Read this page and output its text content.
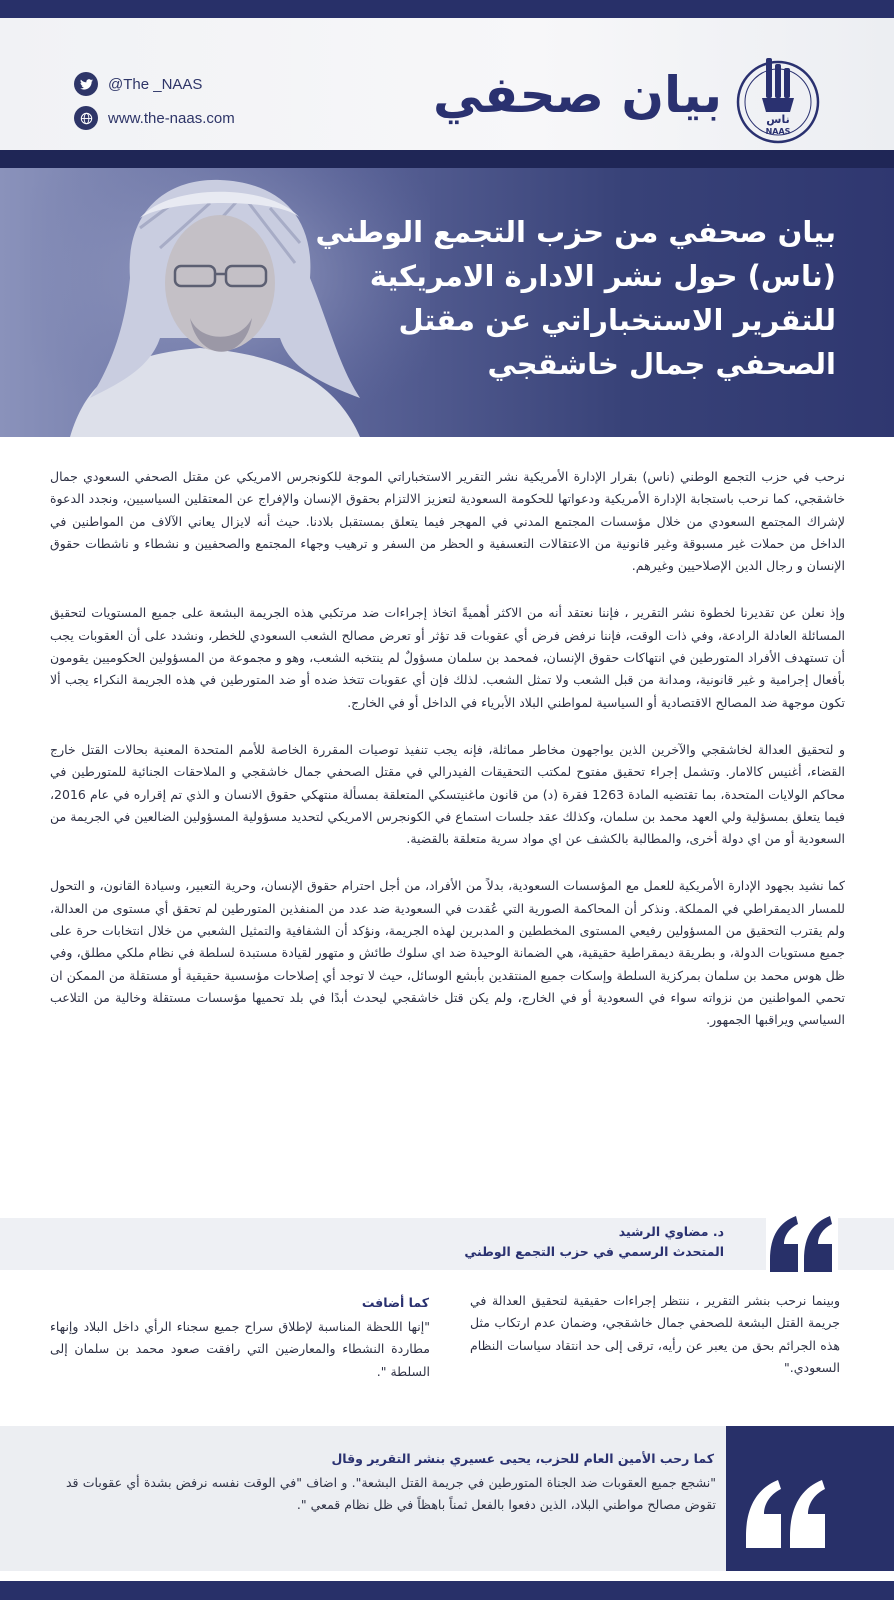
@The _NAAS
www.the-naas.com	بيان صحفي	ناس
NAAS
بيان صحفي من حزب التجمع الوطني (ناس) حول نشر الادارة الامريكية للتقرير الاستخباراتي عن مقتل الصحفي جمال خاشقجي

نرحب في حزب التجمع الوطني (ناس) بقرار الإدارة الأمريكية نشر التقرير الاستخباراتي الموجة للكونجرس الامريكي عن مقتل الصحفي السعودي جمال خاشقجي، كما نرحب باستجابة الإدارة الأمريكية ودعواتها للحكومة السعودية لتعزيز الالتزام بحقوق الإنسان والإفراج عن المعتقلين السياسيين، ونجدد الدعوة لإشراك المجتمع السعودي من خلال مؤسسات المجتمع المدني في المهجر فيما يتعلق بمستقبل بلادنا. حيث أنه لايزال يعاني الآلاف من المواطنين في الداخل من حملات غير مسبوقة وغير قانونية من الاعتقالات التعسفية و الحظر من السفر و ترهيب وجهاء المجتمع والصحفيين و نشطاء و ناشطات حقوق الإنسان و رجال الدين الإصلاحيين وغيرهم.

وإذ نعلن عن تقديرنا لخطوة نشر التقرير ، فإننا نعتقد أنه من الاكثر أهميةً اتخاذ إجراءات ضد مرتكبي هذه الجريمة البشعة على جميع المستويات لتحقيق المسائلة العادلة الرادعة، وفي ذات الوقت، فإننا نرفض فرض أي عقوبات قد تؤثر أو تعرض مصالح الشعب السعودي للخطر، ونشدد على أن العقوبات يجب أن تستهدف الأفراد المتورطين في انتهاكات حقوق الإنسان، فمحمد بن سلمان مسؤولٌ لم ينتخبه الشعب، وهو و مجموعة من المسؤولين الحكوميين يقومون بأفعال إجرامية و غير قانونية، ومدانة من قبل الشعب ولا تمثل الشعب. لذلك فإن أي عقوبات تتخذ ضده أو ضد المتورطين في هذه الجريمة النكراء يجب ألا تكون موجهة ضد المصالح الاقتصادية أو السياسية لمواطني البلاد الأبرياء في الداخل أو في الخارج.

و لتحقيق العدالة لخاشقجي والآخرين الذين يواجهون مخاطر مماثلة، فإنه يجب تنفيذ توصيات المقررة الخاصة للأمم المتحدة المعنية بحالات القتل خارج القضاء، أغنيس كالامار. وتشمل إجراء تحقيق مفتوح لمكتب التحقيقات الفيدرالي في مقتل الصحفي جمال خاشقجي و الملاحقات الجنائية للمتورطين في محاكم الولايات المتحدة، بما تقتضيه المادة 1263 فقرة (د) من قانون ماغنيتسكي المتعلقة بمسألة منتهكي حقوق الانسان و الذي تم إقراره في عام 2016، فيما يتعلق بمسؤلية ولي العهد محمد بن سلمان، وكذلك عقد جلسات استماع في الكونجرس الامريكي لتحديد مسؤولية المسؤولين الضالعين في الجريمة من السعودية أو من اي دولة أخرى، والمطالبة بالكشف عن اي مواد سرية متعلقة بالقضية.

كما نشيد بجهود الإدارة الأمريكية للعمل مع المؤسسات السعودية، بدلاً من الأفراد، من أجل احترام حقوق الإنسان، وحرية التعبير، وسيادة القانون، و التحول للمسار الديمقراطي في المملكة. ونذكر أن المحاكمة الصورية التي عُقدت في السعودية ضد عدد من المنفذين المتورطين لم تحقق أي مستوى من العدالة، ولم يقترب التحقيق من المسؤولين رفيعي المستوى المخططين و المدبرين لهذه الجريمة، ونؤكد أن الشفافية والتمثيل الشعبي من خلال انتخابات حرة على جميع مستويات الدولة، و بطريقة ديمقراطية حقيقية، هي الضمانة الوحيدة ضد اي سلوك طائش و متهور لقيادة مستبدة لسلطة في نظام ملكي مطلق، وفي ظل هوس محمد بن سلمان بمركزية السلطة وإسكات جميع المنتقدين بأبشع الوسائل، حيث لا توجد أي إصلاحات مؤسسية حقيقية أو مستقلة من الممكن ان تحمي المواطنين من نزواته سواء في السعودية أو في الخارج، ولم يكن قتل خاشقجي ليحدث أبدًا في بلد تحميها مؤسسات مستقلة وخالية من التلاعب السياسي ويراقبها الجمهور.

د. مضاوي الرشيد
المتحدث الرسمي في حزب التجمع الوطني
وبينما نرحب بنشر التقرير ، ننتظر إجراءات حقيقية لتحقيق العدالة في جريمة القتل البشعة للصحفي جمال خاشقجي، وضمان عدم ارتكاب مثل هذه الجرائم بحق من يعبر عن رأيه، ترقى إلى حد انتقاد سياسات النظام السعودي."
كما أضافت
"إنها اللحظة المناسبة لإطلاق سراح جميع سجناء الرأي داخل البلاد وإنهاء مطاردة النشطاء والمعارضين التي رافقت صعود محمد بن سلمان إلى السلطة ".
كما رحب الأمين العام للحزب، يحيى عسيري بنشر التقرير وقال
"نشجع جميع العقوبات ضد الجناة المتورطين في جريمة القتل البشعة". و اضاف "في الوقت نفسه نرفض بشدة أي عقوبات قد تقوض مصالح مواطني البلاد، الذين دفعوا بالفعل ثمناً باهظاً في ظل نظام قمعي ".
